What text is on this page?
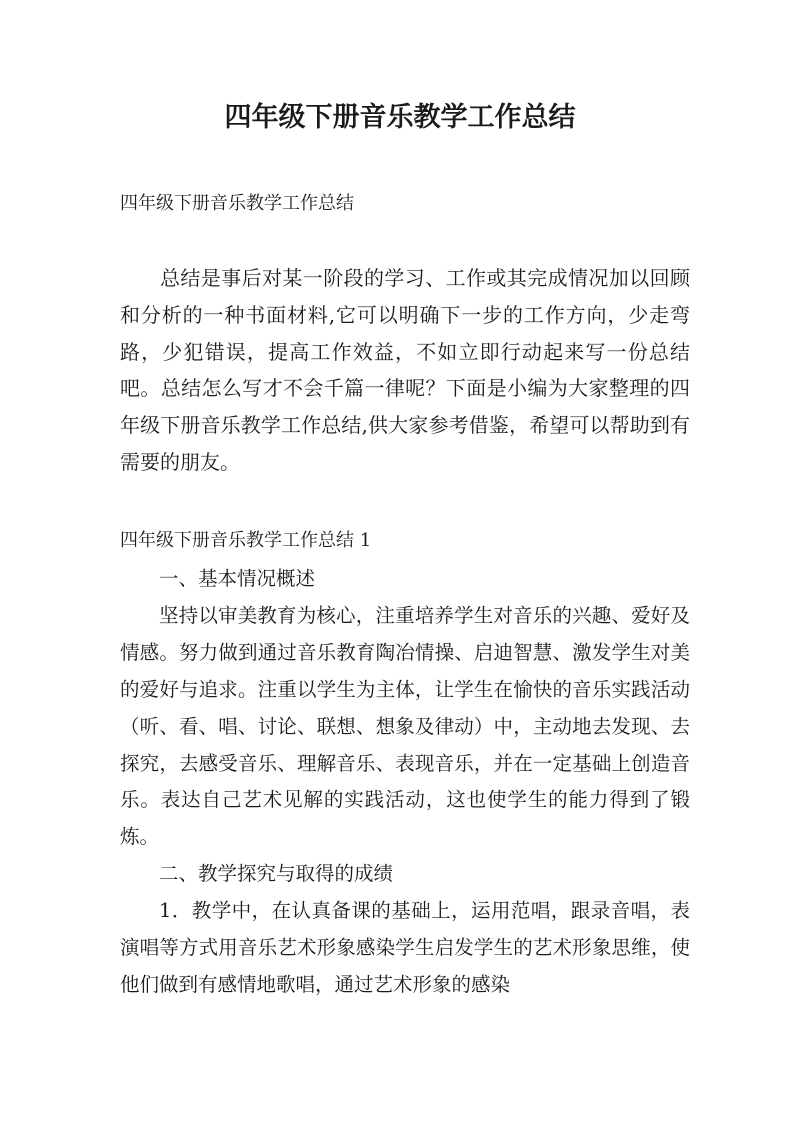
四年级下册音乐教学工作总结
四年级下册音乐教学工作总结

总结是事后对某一阶段的学习、工作或其完成情况加以回顾和分析的一种书面材料,它可以明确下一步的工作方向，少走弯路，少犯错误，提高工作效益，不如立即行动起来写一份总结吧。总结怎么写才不会千篇一律呢？下面是小编为大家整理的四年级下册音乐教学工作总结,供大家参考借鉴，希望可以帮助到有需要的朋友。

四年级下册音乐教学工作总结 1

一、基本情况概述

坚持以审美教育为核心，注重培养学生对音乐的兴趣、爱好及情感。努力做到通过音乐教育陶冶情操、启迪智慧、激发学生对美的爱好与追求。注重以学生为主体，让学生在愉快的音乐实践活动（听、看、唱、讨论、联想、想象及律动）中，主动地去发现、去探究，去感受音乐、理解音乐、表现音乐，并在一定基础上创造音乐。表达自己艺术见解的实践活动，这也使学生的能力得到了锻炼。

二、教学探究与取得的成绩

1．教学中，在认真备课的基础上，运用范唱，跟录音唱，表演唱等方式用音乐艺术形象感染学生启发学生的艺术形象思维，使他们做到有感情地歌唱，通过艺术形象的感染
